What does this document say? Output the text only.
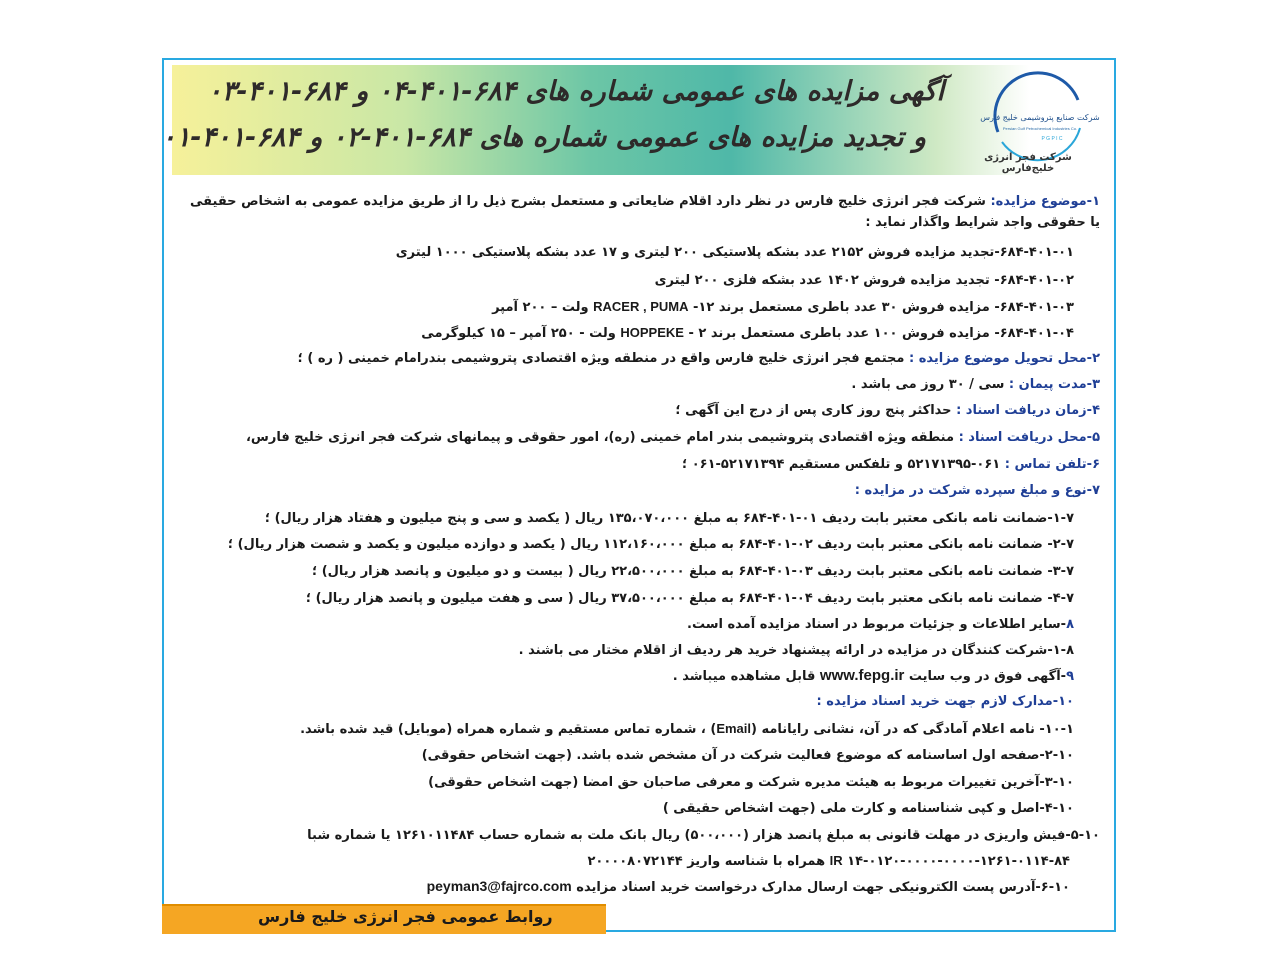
آگهی مزایده های عمومی شماره های ۶۸۴-۴۰۱-۰۴ و ۶۸۴-۴۰۱-۰۳
و تجدید مزایده های عمومی شماره های ۶۸۴-۴۰۱-۰۲ و ۶۸۴-۴۰۱-۰۱
شرکت صنایع پتروشیمی خلیج فارس
Persian Gulf Petrochemical Industries Co.
P G P I C
شرکت فجر انرژی خلیج‌فارس
۱-موضوع مزایده: شرکت فجر انرژی خلیج فارس در نظر دارد اقلام ضایعاتی و مستعمل بشرح ذیل را از طریق مزایده عمومی به اشخاص حقیقی
یا حقوقی واجد شرایط واگذار نماید :
۶۸۴-۴۰۱-۰۱-تجدید مزایده فروش ۲۱۵۲ عدد بشکه پلاستیکی ۲۰۰ لیتری و ۱۷ عدد بشکه پلاستیکی ۱۰۰۰ لیتری
۶۸۴-۴۰۱-۰۲- تجدید مزایده فروش ۱۴۰۲ عدد بشکه فلزی ۲۰۰ لیتری
۶۸۴-۴۰۱-۰۳- مزایده فروش ۳۰ عدد باطری مستعمل برند RACER , PUMA -۱۲ ولت – ۲۰۰ آمپر
۶۸۴-۴۰۱-۰۴- مزایده فروش ۱۰۰ عدد باطری مستعمل برند HOPPEKE - ۲ ولت - ۲۵۰ آمپر – ۱۵ کیلوگرمی
۲-محل تحویل موضوع مزایده : مجتمع فجر انرژی خلیج فارس واقع در منطقه ویژه اقتصادی پتروشیمی بندرامام خمینی ( ره ) ؛
۳-مدت پیمان : سی / ۳۰ روز می باشد .
۴-زمان دریافت اسناد : حداکثر پنج روز کاری پس از درج این آگهی ؛
۵-محل دریافت اسناد : منطقه ویژه اقتصادی پتروشیمی بندر امام خمینی (ره)، امور حقوقی و پیمانهای شرکت فجر انرژی خلیج فارس،
۶-تلفن تماس : ۰۶۱-۵۲۱۷۱۳۹۵ و تلفکس مستقیم ۵۲۱۷۱۳۹۴-۰۶۱ ؛
۷-نوع و مبلغ سپرده شرکت در مزایده :
۱-۷-ضمانت نامه بانکی معتبر بابت ردیف ۰۱-۴۰۱-۶۸۴ به مبلغ ۱۳۵،۰۷۰،۰۰۰ ریال ( یکصد و سی و پنج میلیون و هفتاد هزار ریال) ؛
۲-۷- ضمانت نامه بانکی معتبر بابت ردیف ۰۲-۴۰۱-۶۸۴ به مبلغ ۱۱۲،۱۶۰،۰۰۰ ریال ( یکصد و دوازده میلیون و یکصد و شصت هزار ریال) ؛
۳-۷- ضمانت نامه بانکی معتبر بابت ردیف ۰۳-۴۰۱-۶۸۴ به مبلغ ۲۲،۵۰۰،۰۰۰ ریال ( بیست و دو میلیون و پانصد هزار ریال) ؛
۴-۷- ضمانت نامه بانکی معتبر بابت ردیف ۰۴-۴۰۱-۶۸۴ به مبلغ ۳۷،۵۰۰،۰۰۰ ریال ( سی و هفت میلیون و پانصد هزار ریال) ؛
۸-سایر اطلاعات و جزئیات مربوط در اسناد مزایده آمده است.
۱-۸-شرکت کنندگان در مزایده در ارائه پیشنهاد خرید هر ردیف از اقلام مختار می باشند .
۹-آگهی فوق در وب سایت www.fepg.ir قابل مشاهده میباشد .
۱۰-مدارک لازم جهت خرید اسناد مزایده :
۱۰-۱- نامه اعلام آمادگی که در آن، نشانی رایانامه (Email) ، شماره تماس مستقیم و شماره همراه (موبایل) قید شده باشد.
۲-۱۰-صفحه اول اساسنامه که موضوع فعالیت شرکت در آن مشخص شده باشد. (جهت اشخاص حقوقی)
۳-۱۰-آخرین تغییرات مربوط به هیئت مدیره شرکت و معرفی صاحبان حق امضا (جهت اشخاص حقوقی)
۴-۱۰-اصل و کپی شناسنامه و کارت ملی (جهت اشخاص حقیقی )
۵-۱۰-فیش واریزی در مهلت قانونی به مبلغ پانصد هزار (۵۰۰،۰۰۰) ریال بانک ملت به شماره حساب ۱۲۶۱۰۱۱۴۸۴ یا شماره شبا
IR ۱۴-۰۱۲۰-۰۰۰۰-۰۰۰۰-۱۲۶۱-۰۱۱۴-۸۴ همراه با شناسه واریز ۲۰۰۰۰۸۰۷۲۱۴۴
۶-۱۰-آدرس پست الکترونیکی جهت ارسال مدارک درخواست خرید اسناد مزایده peyman3@fajrco.com
روابط عمومی فجر انرژی خلیج فارس
